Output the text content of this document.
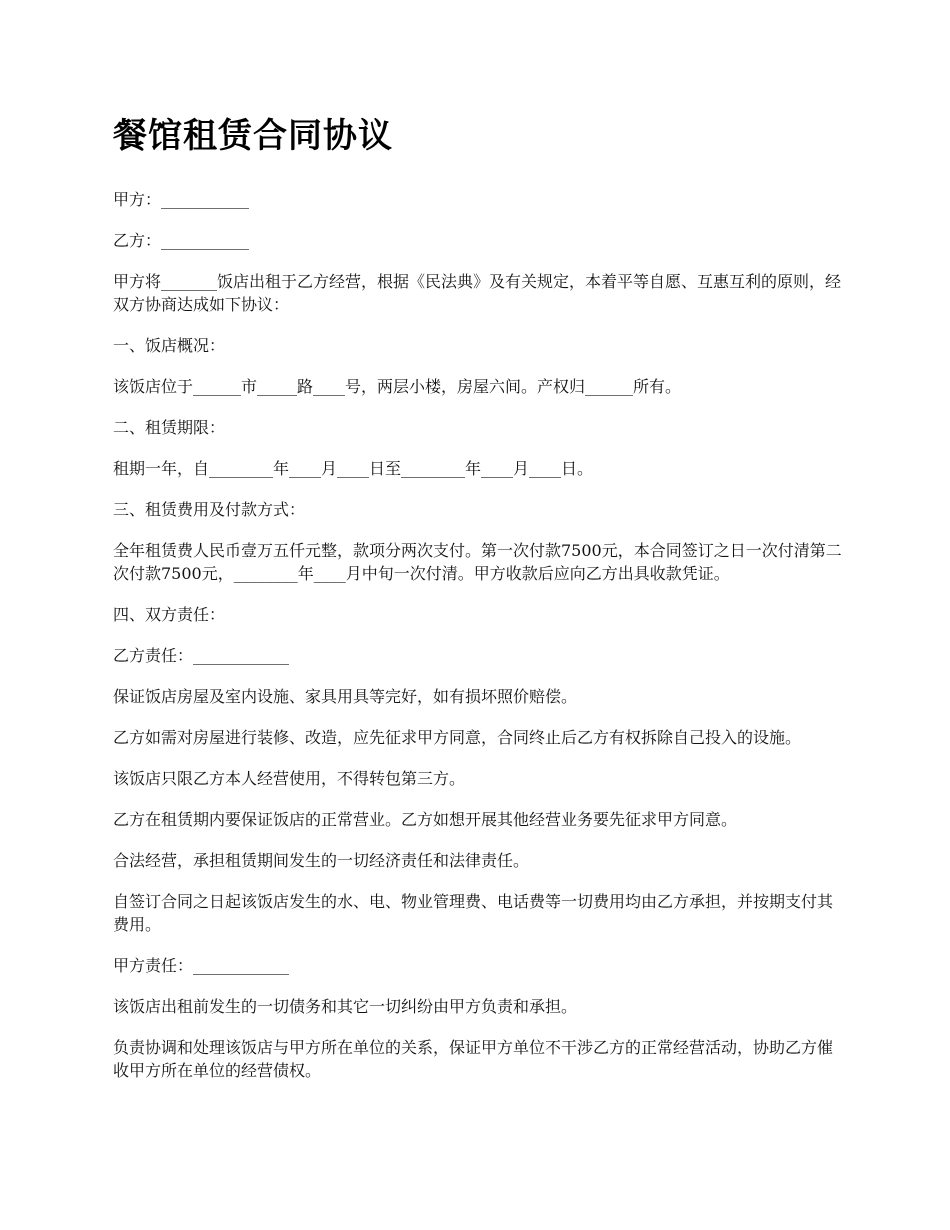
餐馆租赁合同协议

甲方：___________

乙方：___________

甲方将_______饭店出租于乙方经营，根据《民法典》及有关规定，本着平等自愿、互惠互利的原则，经双方协商达成如下协议：

一、饭店概况：

该饭店位于______市_____路____号，两层小楼，房屋六间。产权归______所有。

二、租赁期限：

租期一年，自________年____月____日至________年____月____日。

三、租赁费用及付款方式：

全年租赁费人民币壹万五仟元整，款项分两次支付。第一次付款7500元，本合同签订之日一次付清第二次付款7500元，________年____月中旬一次付清。甲方收款后应向乙方出具收款凭证。

四、双方责任：

乙方责任：____________

保证饭店房屋及室内设施、家具用具等完好，如有损坏照价赔偿。

乙方如需对房屋进行装修、改造，应先征求甲方同意，合同终止后乙方有权拆除自己投入的设施。

该饭店只限乙方本人经营使用，不得转包第三方。

乙方在租赁期内要保证饭店的正常营业。乙方如想开展其他经营业务要先征求甲方同意。

合法经营，承担租赁期间发生的一切经济责任和法律责任。

自签订合同之日起该饭店发生的水、电、物业管理费、电话费等一切费用均由乙方承担，并按期支付其费用。

甲方责任：____________

该饭店出租前发生的一切债务和其它一切纠纷由甲方负责和承担。

负责协调和处理该饭店与甲方所在单位的关系，保证甲方单位不干涉乙方的正常经营活动，协助乙方催收甲方所在单位的经营债权。
